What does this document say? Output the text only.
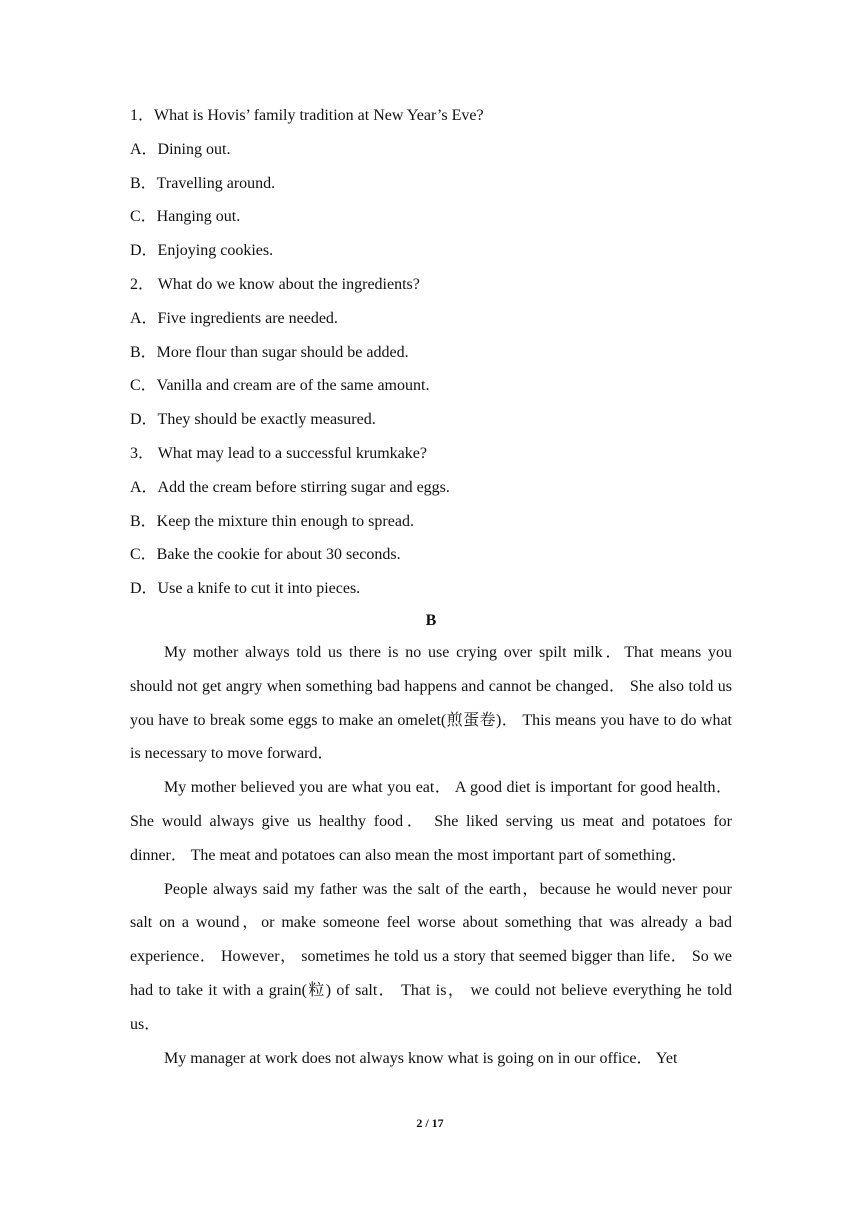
1．What is Hovis’ family tradition at New Year’s Eve?
A．Dining out.
B．Travelling around.
C．Hanging out.
D．Enjoying cookies.
2． What do we know about the ingredients?
A．Five ingredients are needed.
B．More flour than sugar should be added.
C．Vanilla and cream are of the same amount.
D．They should be exactly measured.
3． What may lead to a successful krumkake?
A．Add the cream before stirring sugar and eggs.
B．Keep the mixture thin enough to spread.
C．Bake the cookie for about 30 seconds.
D．Use a knife to cut it into pieces.
B

My mother always told us there is no use crying over spilt milk．That means you should not get angry when something bad happens and cannot be changed． She also told us you have to break some eggs to make an omelet(煎蛋卷)． This means you have to do what is necessary to move forward．

My mother believed you are what you eat． A good diet is important for good health． She would always give us healthy food． She liked serving us meat and potatoes for dinner． The meat and potatoes can also mean the most important part of something．

People always said my father was the salt of the earth，because he would never pour salt on a wound，or make someone feel worse about something that was already a bad experience． However， sometimes he told us a story that seemed bigger than life． So we had to take it with a grain(粒) of salt． That is， we could not believe everything he told us．

My manager at work does not always know what is going on in our office． Yet

2 / 17
